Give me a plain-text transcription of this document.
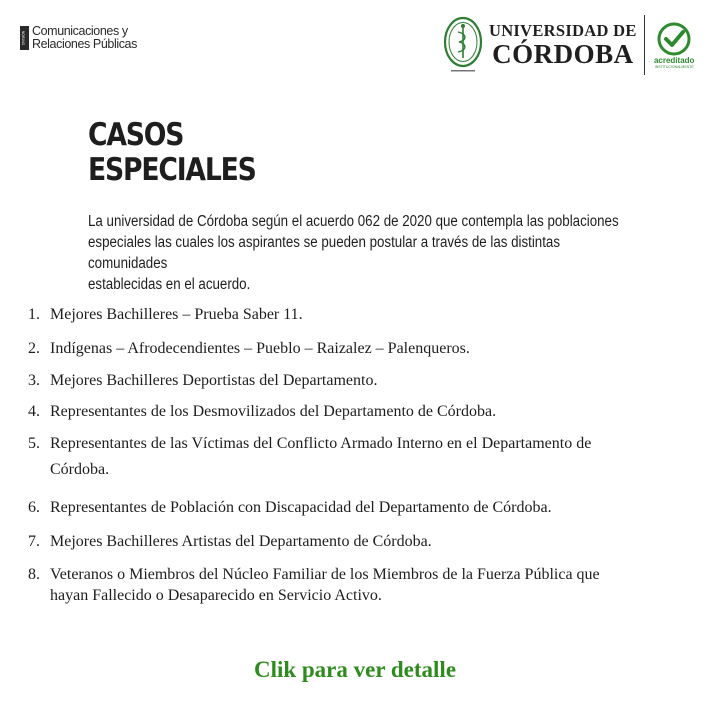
DIVISIÓN Comunicaciones y
Relaciones Públicas
UNIVERSIDAD DE
CÓRDOBA	acreditado
INSTITUCIONALMENTE
CASOS
ESPECIALES
La universidad de Córdoba según el acuerdo 062 de 2020 que contempla las poblaciones
especiales las cuales los aspirantes se pueden postular a través de las distintas comunidades
establecidas en el acuerdo.
1. Mejores Bachilleres – Prueba Saber 11.
2. Indígenas – Afrodecendientes – Pueblo – Raizalez – Palenqueros.
3. Mejores Bachilleres Deportistas del Departamento.
4. Representantes de los Desmovilizados del Departamento de Córdoba.
5. Representantes de las Víctimas del Conflicto Armado Interno en el Departamento de
Córdoba.
6. Representantes de Población con Discapacidad del Departamento de Córdoba.
7. Mejores Bachilleres Artistas del Departamento de Córdoba.
8. Veteranos o Miembros del Núcleo Familiar de los Miembros de la Fuerza Pública que
hayan Fallecido o Desaparecido en Servicio Activo.
Clik para ver detalle
